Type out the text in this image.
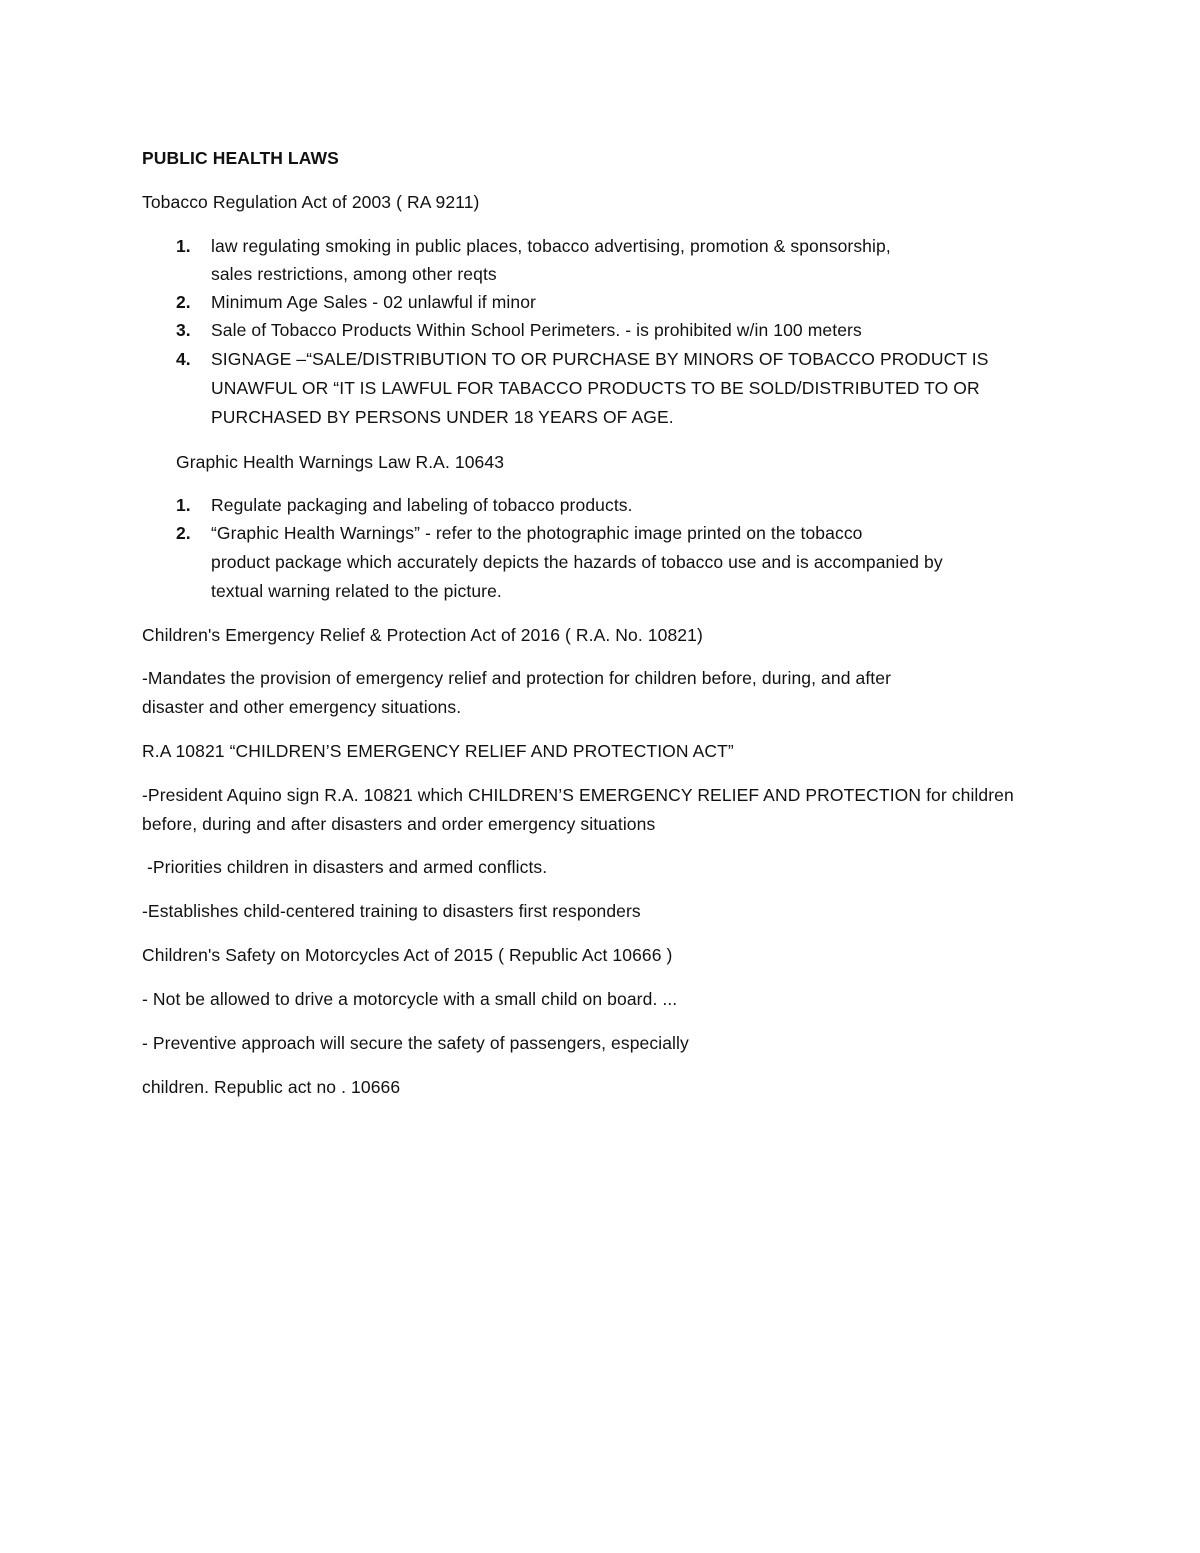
PUBLIC HEALTH LAWS
Tobacco Regulation Act of 2003 ( RA 9211)
1. law regulating smoking in public places, tobacco advertising, promotion & sponsorship,
sales restrictions, among other reqts
2. Minimum Age Sales - 02 unlawful if minor
3. Sale of Tobacco Products Within School Perimeters. - is prohibited w/in 100 meters
4. SIGNAGE –“SALE/DISTRIBUTION TO OR PURCHASE BY MINORS OF TOBACCO PRODUCT IS
UNAWFUL OR “IT IS LAWFUL FOR TABACCO PRODUCTS TO BE SOLD/DISTRIBUTED TO OR
PURCHASED BY PERSONS UNDER 18 YEARS OF AGE.
Graphic Health Warnings Law R.A. 10643
1. Regulate packaging and labeling of tobacco products.
2. “Graphic Health Warnings” - refer to the photographic image printed on the tobacco
product package which accurately depicts the hazards of tobacco use and is accompanied by
textual warning related to the picture.
Children's Emergency Relief & Protection Act of 2016 ( R.A. No. 10821)
-Mandates the provision of emergency relief and protection for children before, during, and after
disaster and other emergency situations.
R.A 10821 “CHILDREN’S EMERGENCY RELIEF AND PROTECTION ACT”
-President Aquino sign R.A. 10821 which CHILDREN’S EMERGENCY RELIEF AND PROTECTION for children
before, during and after disasters and order emergency situations
-Priorities children in disasters and armed conflicts.
-Establishes child-centered training to disasters first responders
Children's Safety on Motorcycles Act of 2015 ( Republic Act 10666 )
- Not be allowed to drive a motorcycle with a small child on board. ...
- Preventive approach will secure the safety of passengers, especially
children. Republic act no . 10666
